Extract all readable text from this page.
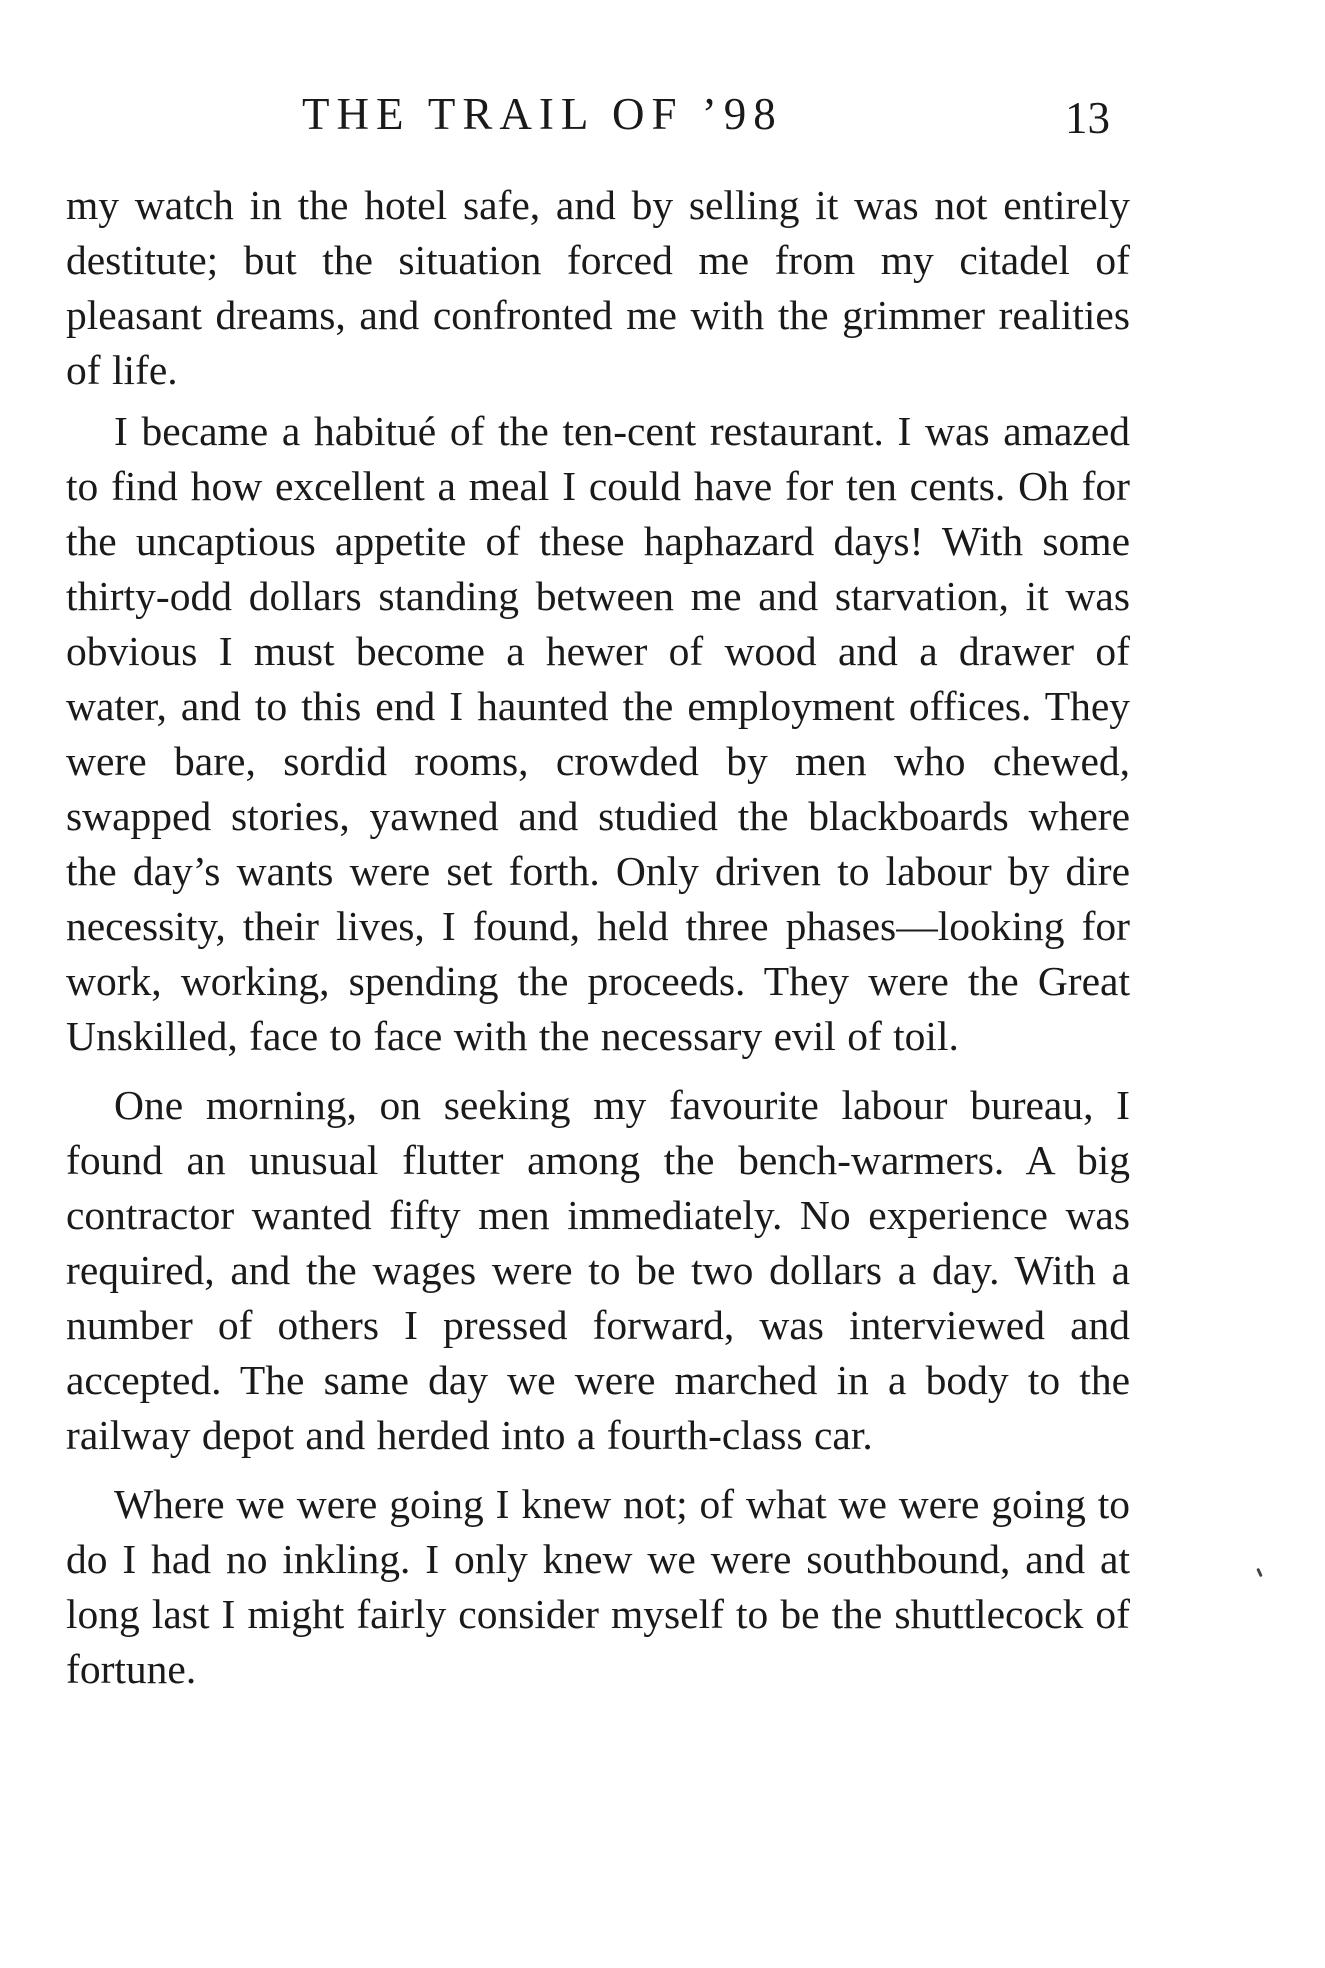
THE TRAIL OF ’98	13

my watch in the hotel safe, and by selling it was not entirely destitute; but the situation forced me from my citadel of pleasant dreams, and confronted me with the grimmer realities of life.

I became a habitué of the ten-cent restaurant. I was amazed to find how excellent a meal I could have for ten cents. Oh for the uncaptious appetite of these haphazard days! With some thirty-odd dollars standing between me and starvation, it was obvious I must become a hewer of wood and a drawer of water, and to this end I haunted the employment offices. They were bare, sordid rooms, crowded by men who chewed, swapped stories, yawned and studied the blackboards where the day’s wants were set forth. Only driven to labour by dire necessity, their lives, I found, held three phases—looking for work, working, spending the proceeds. They were the Great Unskilled, face to face with the necessary evil of toil.

One morning, on seeking my favourite labour bureau, I found an unusual flutter among the bench-warmers. A big contractor wanted fifty men immediately. No experience was required, and the wages were to be two dollars a day. With a number of others I pressed forward, was interviewed and accepted. The same day we were marched in a body to the railway depot and herded into a fourth-class car.

Where we were going I knew not; of what we were going to do I had no inkling. I only knew we were southbound, and at long last I might fairly consider myself to be the shuttlecock of fortune.
